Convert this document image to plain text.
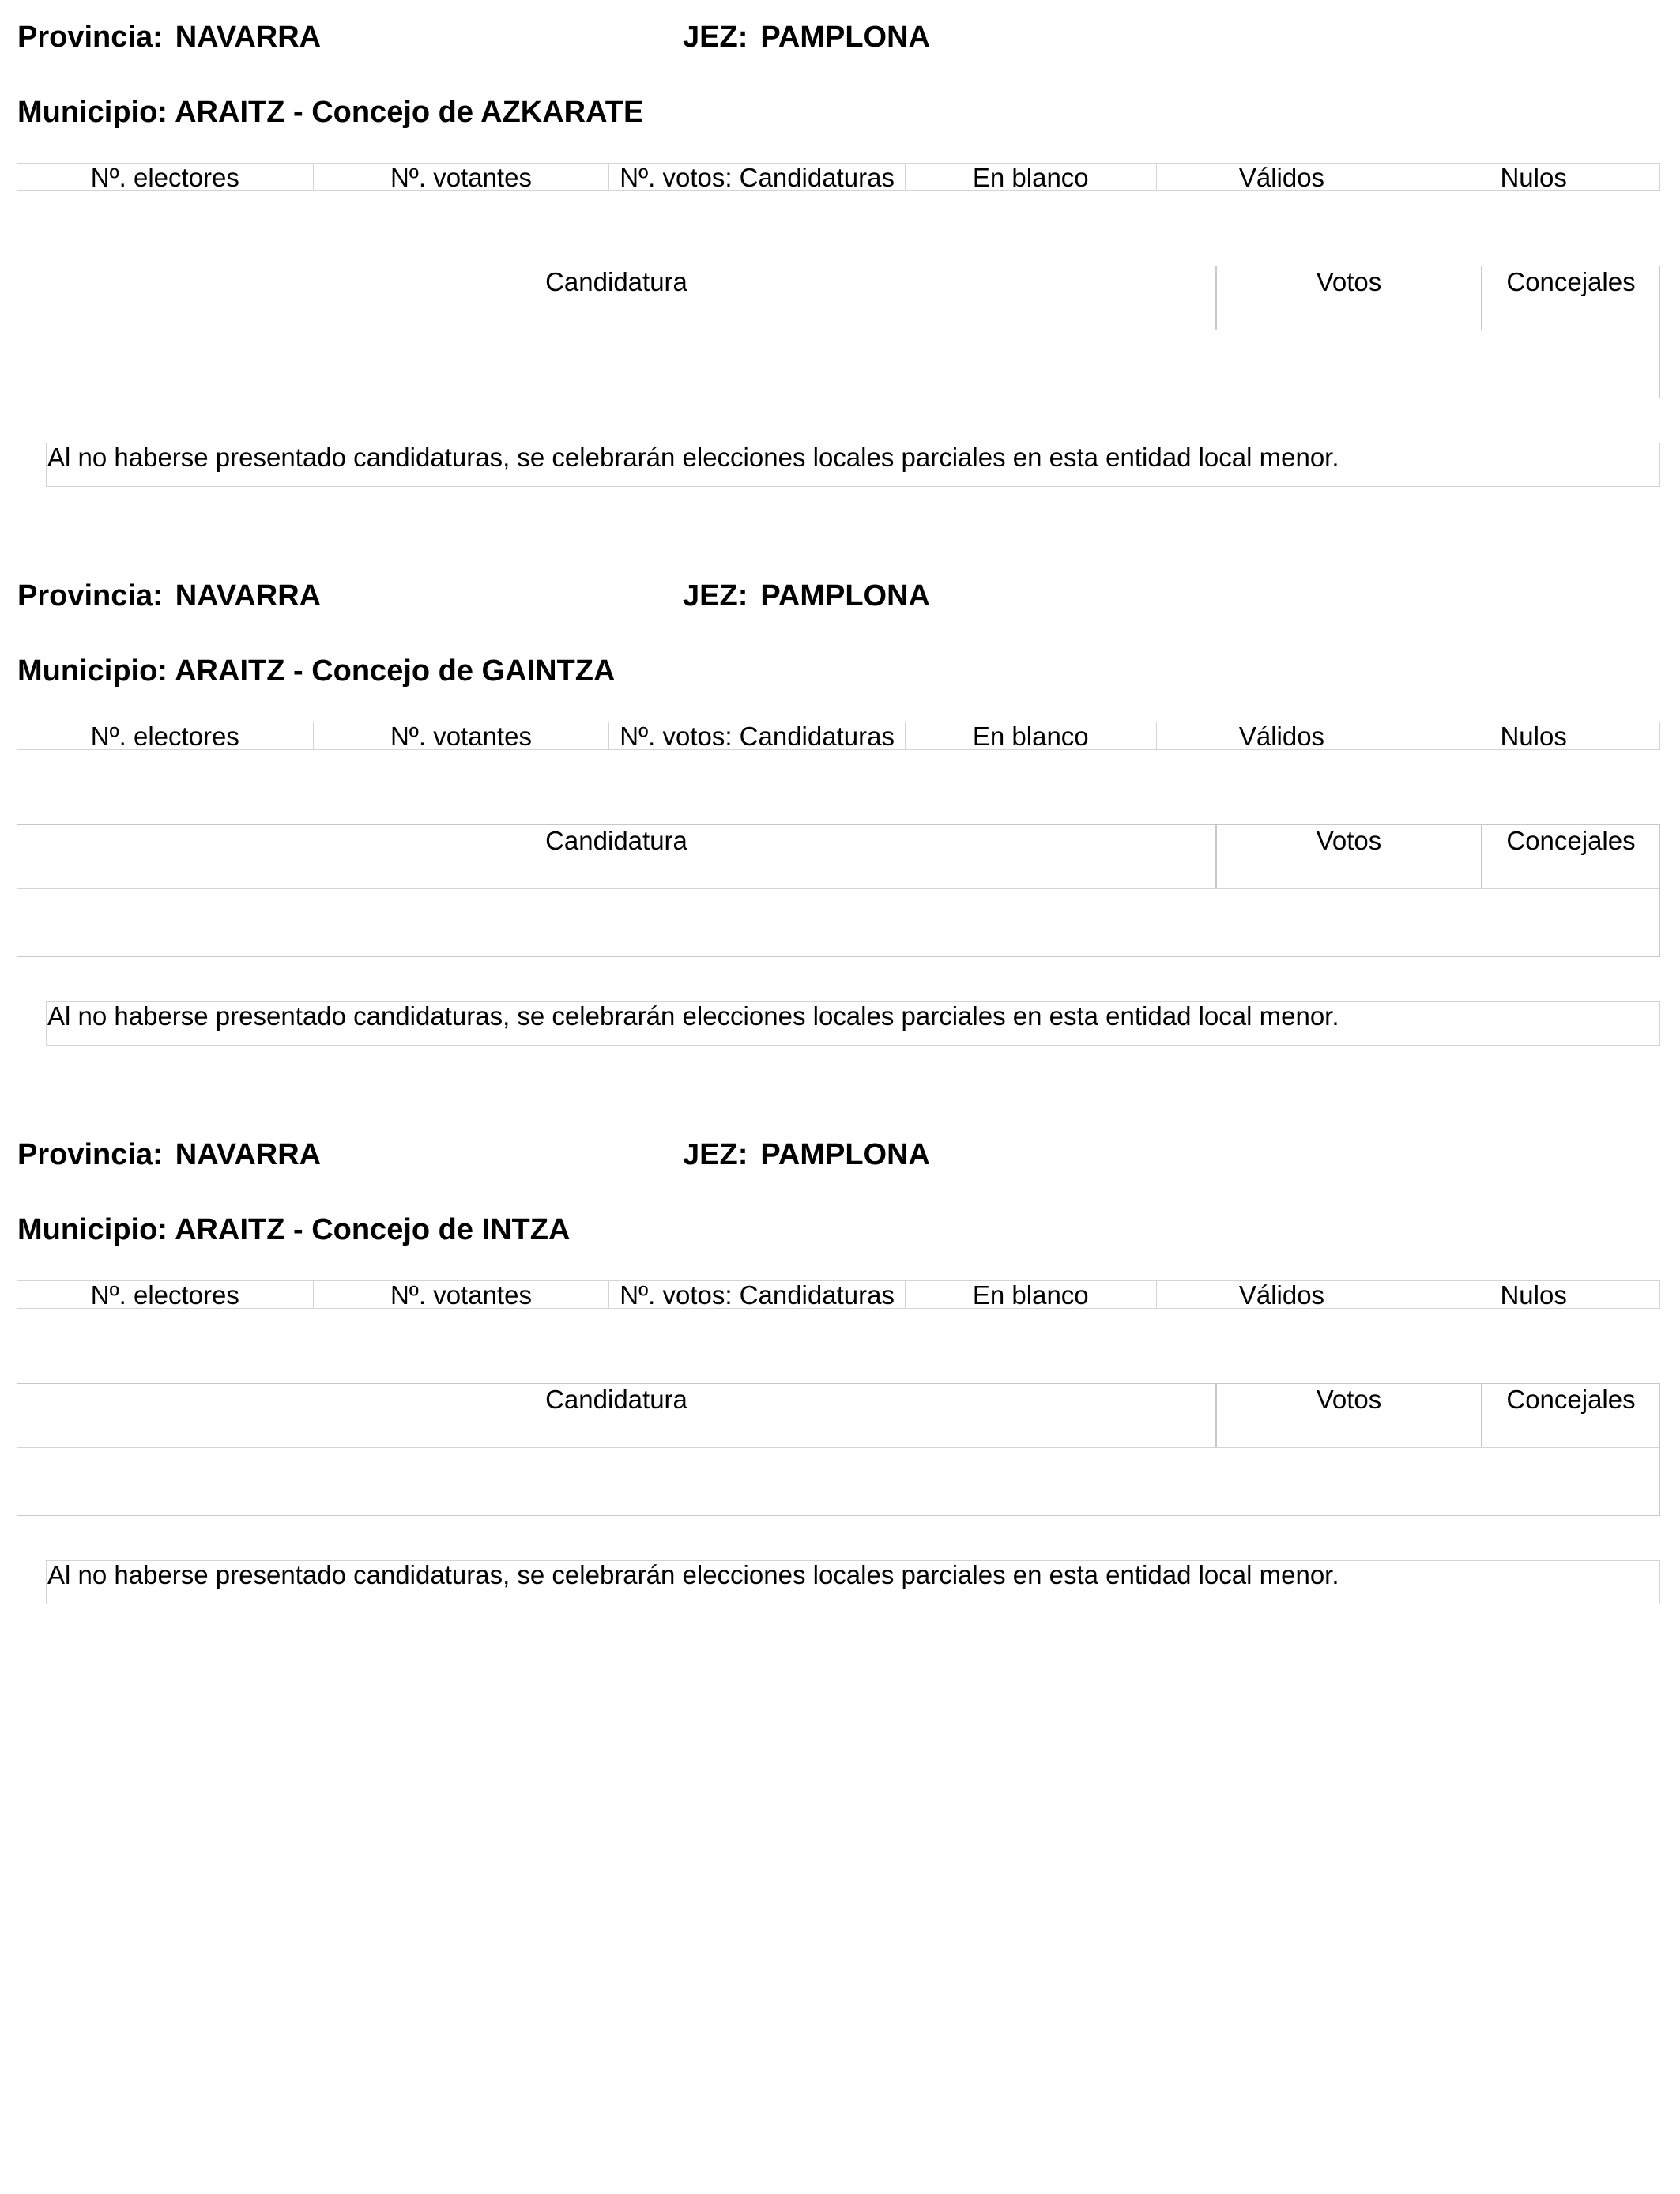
Provincia: NAVARRA	JEZ: PAMPLONA
Municipio: ARAITZ - Concejo de AZKARATE
Nº. electores	Nº. votantes	Nº. votos: Candidaturas	En blanco	Válidos	Nulos
Candidatura	Votos	Concejales
Al no haberse presentado candidaturas, se celebrarán elecciones locales parciales en esta entidad local menor.
Provincia: NAVARRA	JEZ: PAMPLONA
Municipio: ARAITZ - Concejo de GAINTZA
Nº. electores	Nº. votantes	Nº. votos: Candidaturas	En blanco	Válidos	Nulos
Candidatura	Votos	Concejales
Al no haberse presentado candidaturas, se celebrarán elecciones locales parciales en esta entidad local menor.
Provincia: NAVARRA	JEZ: PAMPLONA
Municipio: ARAITZ - Concejo de INTZA
Nº. electores	Nº. votantes	Nº. votos: Candidaturas	En blanco	Válidos	Nulos
Candidatura	Votos	Concejales
Al no haberse presentado candidaturas, se celebrarán elecciones locales parciales en esta entidad local menor.
